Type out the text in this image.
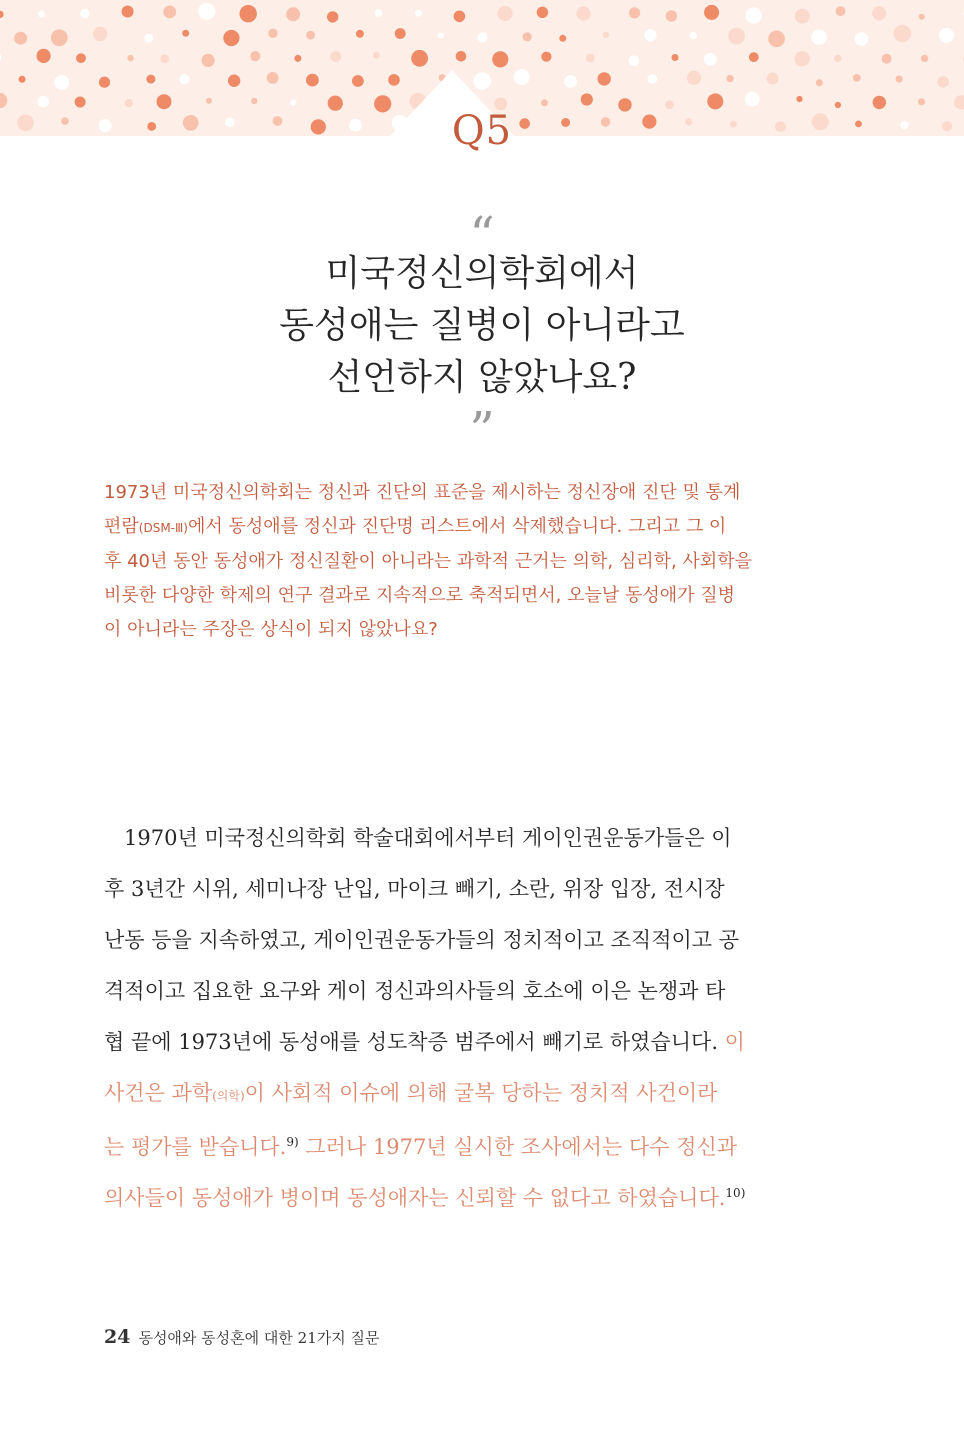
Q5
“
미국정신의학회에서
동성애는 질병이 아니라고
선언하지 않았나요?
”
1973년 미국정신의학회는 정신과 진단의 표준을 제시하는 정신장애 진단 및 통계
편람(DSM-Ⅲ)에서 동성애를 정신과 진단명 리스트에서 삭제했습니다. 그리고 그 이
후 40년 동안 동성애가 정신질환이 아니라는 과학적 근거는 의학, 심리학, 사회학을
비롯한 다양한 학제의 연구 결과로 지속적으로 축적되면서, 오늘날 동성애가 질병
이 아니라는 주장은 상식이 되지 않았나요?
1970년 미국정신의학회 학술대회에서부터 게이인권운동가들은 이
후 3년간 시위, 세미나장 난입, 마이크 빼기, 소란, 위장 입장, 전시장
난동 등을 지속하였고, 게이인권운동가들의 정치적이고 조직적이고 공
격적이고 집요한 요구와 게이 정신과의사들의 호소에 이은 논쟁과 타
협 끝에 1973년에 동성애를 성도착증 범주에서 빼기로 하였습니다. 이
사건은 과학(의학)이 사회적 이슈에 의해 굴복 당하는 정치적 사건이라
는 평가를 받습니다.$^{9)}$ 그러나 1977년 실시한 조사에서는 다수 정신과
의사들이 동성애가 병이며 동성애자는 신뢰할 수 없다고 하였습니다.$^{10)}$
24 동성애와 동성혼에 대한 21가지 질문
